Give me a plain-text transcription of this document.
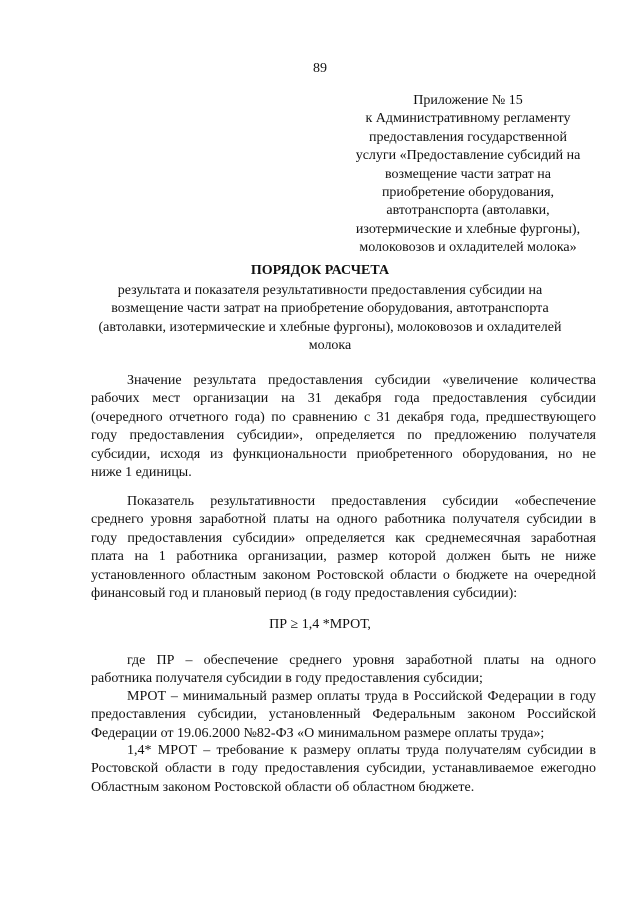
89
Приложение № 15
к Административному регламенту
предоставления государственной
услуги «Предоставление субсидий на
возмещение части затрат на
приобретение оборудования,
автотранспорта (автолавки,
изотермические и хлебные фургоны),
молоковозов и охладителей молока»
ПОРЯДОК РАСЧЕТА
результата и показателя результативности предоставления субсидии на
возмещение части затрат на приобретение оборудования, автотранспорта
(автолавки, изотермические и хлебные фургоны), молоковозов и охладителей
молока
Значение результата предоставления субсидии «увеличение количества
рабочих мест организации на 31 декабря года предоставления субсидии
(очередного отчетного года) по сравнению с 31 декабря года, предшествующего
году предоставления субсидии», определяется по предложению получателя
субсидии, исходя из функциональности приобретенного оборудования, но не
ниже 1 единицы.
Показатель результативности предоставления субсидии «обеспечение
среднего уровня заработной платы на одного работника получателя субсидии в
году предоставления субсидии» определяется как среднемесячная заработная
плата на 1 работника организации, размер которой должен быть не ниже
установленного областным законом Ростовской области о бюджете на очередной
финансовый год и плановый период (в году предоставления субсидии):
ПР ≥ 1,4 *МРОТ,
где ПР – обеспечение среднего уровня заработной платы на одного
работника получателя субсидии в году предоставления субсидии;
МРОТ – минимальный размер оплаты труда в Российской Федерации в году
предоставления субсидии, установленный Федеральным законом Российской
Федерации от 19.06.2000 №82-ФЗ «О минимальном размере оплаты труда»;
1,4* МРОТ – требование к размеру оплаты труда получателям субсидии в
Ростовской области в году предоставления субсидии, устанавливаемое ежегодно
Областным законом Ростовской области об областном бюджете.
